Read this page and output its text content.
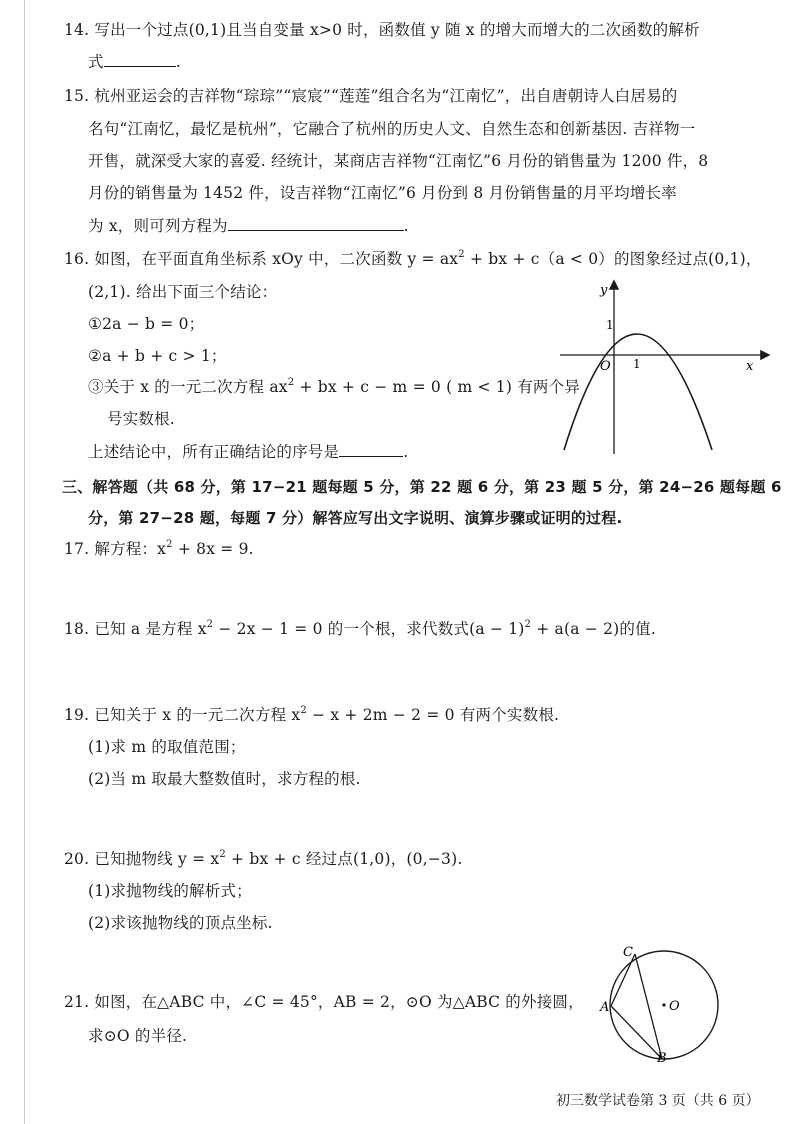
14. 写出一个过点(0,1)且当自变量 x>0 时，函数值 y 随 x 的增大而增大的二次函数的解析
式	.
15. 杭州亚运会的吉祥物“琮琮”“宸宸”“莲莲”组合名为“江南忆”，出自唐朝诗人白居易的
名句“江南忆，最忆是杭州”，它融合了杭州的历史人文、自然生态和创新基因. 吉祥物一
开售，就深受大家的喜爱. 经统计，某商店吉祥物“江南忆”6 月份的销售量为 1200 件，8
月份的销售量为 1452 件，设吉祥物“江南忆”6 月份到 8 月份销售量的月平均增长率
为 x，则可列方程为	.
16. 如图，在平面直角坐标系 xOy 中，二次函数 $y = ax^2$ + bx + c（a < 0）的图象经过点(0,1)，
(2,1). 给出下面三个结论：
①2a − b = 0；
②a + b + c > 1；
③关于 x 的一元二次方程 $ax^2$ + bx + c − m = 0 ( m < 1) 有两个异
号实数根.
上述结论中，所有正确结论的序号是	.
y
x
O 1
1
三、解答题（共 68 分，第 17−21 题每题 5 分，第 22 题 6 分，第 23 题 5 分，第 24−26 题每题 6
分，第 27−28 题，每题 7 分）解答应写出文字说明、演算步骤或证明的过程.
17. 解方程：$x^2 + 8x = 9$.
18. 已知 a 是方程 $x^2 - 2x - 1 = 0$ 的一个根，求代数式$(a - 1)^2 + a(a - 2)$的值.
19. 已知关于 x 的一元二次方程 $x^2 - x + 2m - 2 = 0$ 有两个实数根.
(1)求 m 的取值范围；
(2)当 m 取最大整数值时，求方程的根.
20. 已知抛物线 $y = x^2$ + bx + c 经过点(1,0)，(0,−3).
(1)求抛物线的解析式；
(2)求该抛物线的顶点坐标.
21. 如图，在△ABC 中，∠C = 45°，AB = 2，⊙O 为△ABC 的外接圆，
求⊙O 的半径.
A
C
B
O
初三数学试卷第 3 页（共 6 页）
